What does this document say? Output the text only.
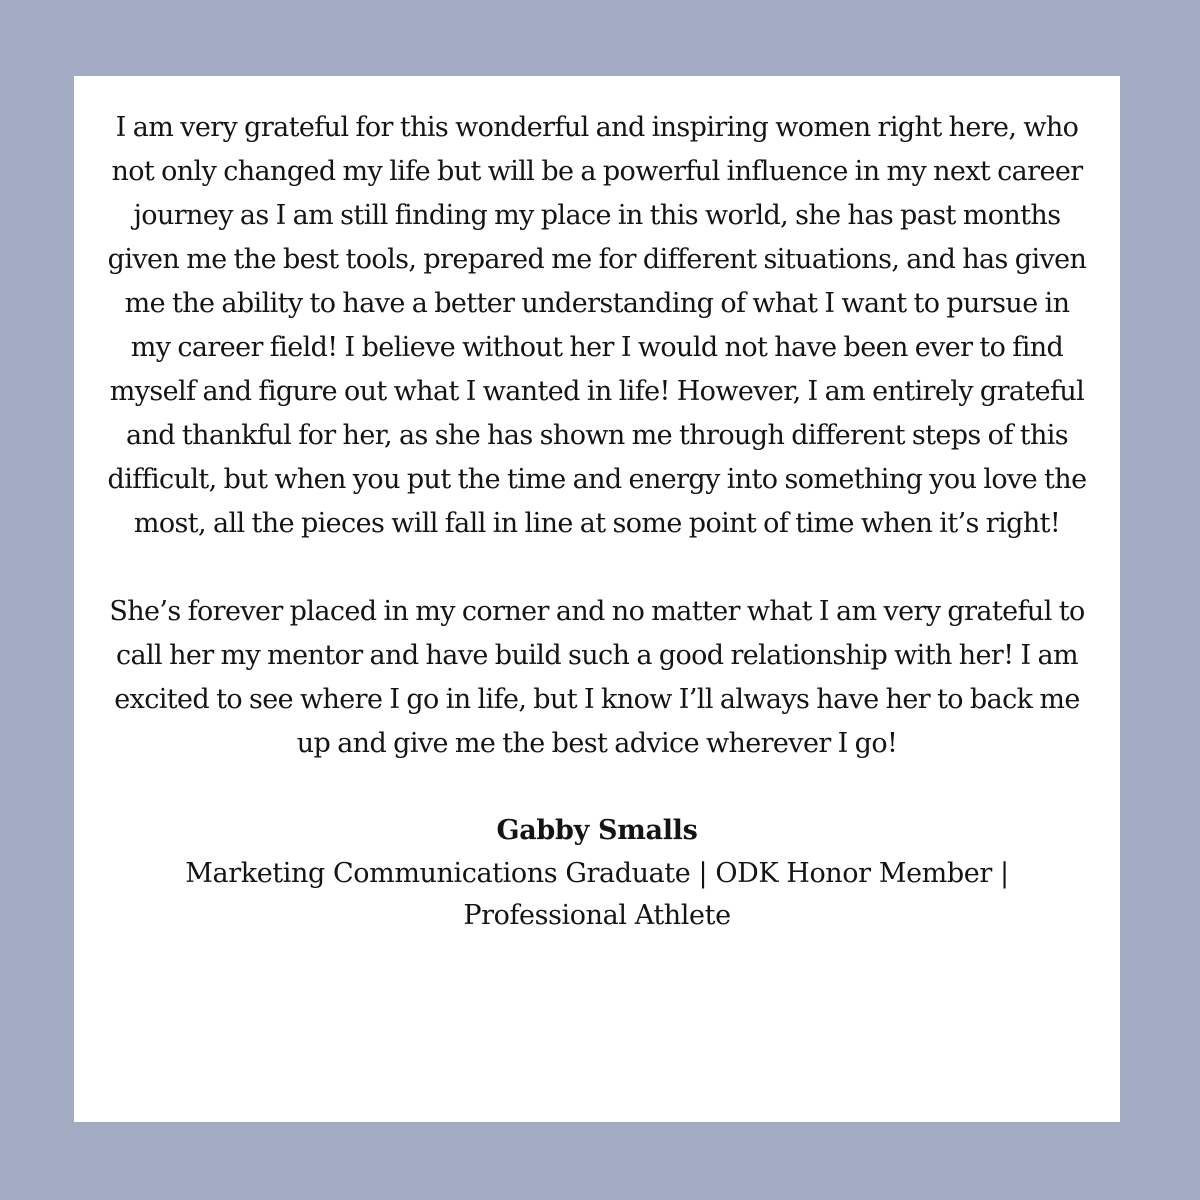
I am very grateful for this wonderful and inspiring women right here, who not only changed my life but will be a powerful influence in my next career journey as I am still finding my place in this world, she has past months given me the best tools, prepared me for different situations, and has given me the ability to have a better understanding of what I want to pursue in my career field! I believe without her I would not have been ever to find myself and figure out what I wanted in life! However, I am entirely grateful and thankful for her, as she has shown me through different steps of this difficult, but when you put the time and energy into something you love the most, all the pieces will fall in line at some point of time when it’s right!

She’s forever placed in my corner and no matter what I am very grateful to call her my mentor and have build such a good relationship with her! I am excited to see where I go in life, but I know I’ll always have her to back me up and give me the best advice wherever I go!

Gabby Smalls

Marketing Communications Graduate | ODK Honor Member | Professional Athlete
